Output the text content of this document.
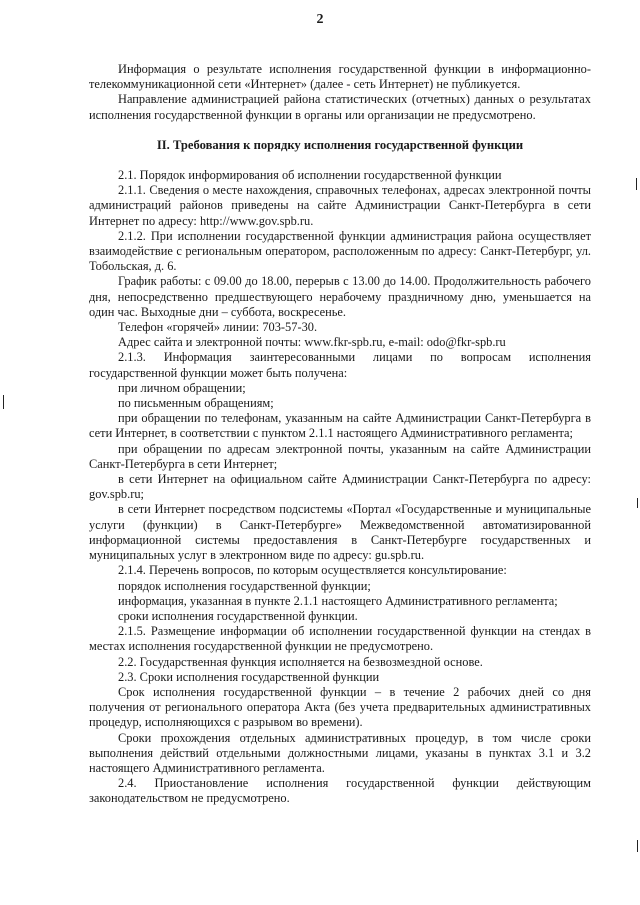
2

Информация о результате исполнения государственной функции в информационно-телекоммуникационной сети «Интернет» (далее - сеть Интернет) не публикуется.

Направление администрацией района статистических (отчетных) данных о результатах исполнения государственной функции в органы или организации не предусмотрено.

II. Требования к порядку исполнения государственной функции

2.1. Порядок информирования об исполнении государственной функции

2.1.1. Сведения о месте нахождения, справочных телефонах, адресах электронной почты администраций районов приведены на сайте Администрации Санкт-Петербурга в сети Интернет по адресу: http://www.gov.spb.ru.

2.1.2. При исполнении государственной функции администрация района осуществляет взаимодействие с региональным оператором, расположенным по адресу: Санкт-Петербург, ул. Тобольская, д. 6.

График работы: с 09.00 до 18.00, перерыв с 13.00 до 14.00. Продолжительность рабочего дня, непосредственно предшествующего нерабочему праздничному дню, уменьшается на один час. Выходные дни – суббота, воскресенье.

Телефон «горячей» линии: 703-57-30.

Адрес сайта и электронной почты: www.fkr-spb.ru, e-mail: odo@fkr-spb.ru

2.1.3. Информация заинтересованными лицами по вопросам исполнения государственной функции может быть получена:

при личном обращении;

по письменным обращениям;

при обращении по телефонам, указанным на сайте Администрации Санкт-Петербурга в сети Интернет, в соответствии с пунктом 2.1.1 настоящего Административного регламента;

при обращении по адресам электронной почты, указанным на сайте Администрации Санкт-Петербурга в сети Интернет;

в сети Интернет на официальном сайте Администрации Санкт-Петербурга по адресу: gov.spb.ru;

в сети Интернет посредством подсистемы «Портал «Государственные и муниципальные услуги (функции) в Санкт-Петербурге» Межведомственной автоматизированной информационной системы предоставления в Санкт-Петербурге государственных и муниципальных услуг в электронном виде по адресу: gu.spb.ru.

2.1.4. Перечень вопросов, по которым осуществляется консультирование:

порядок исполнения государственной функции;

информация, указанная в пункте 2.1.1 настоящего Административного регламента;

сроки исполнения государственной функции.

2.1.5. Размещение информации об исполнении государственной функции на стендах в местах исполнения государственной функции не предусмотрено.

2.2. Государственная функция исполняется на безвозмездной основе.

2.3. Сроки исполнения государственной функции

Срок исполнения государственной функции – в течение 2 рабочих дней со дня получения от регионального оператора Акта (без учета предварительных административных процедур, исполняющихся с разрывом во времени).

Сроки прохождения отдельных административных процедур, в том числе сроки выполнения действий отдельными должностными лицами, указаны в пунктах 3.1 и 3.2 настоящего Административного регламента.

2.4. Приостановление исполнения государственной функции действующим законодательством не предусмотрено.
